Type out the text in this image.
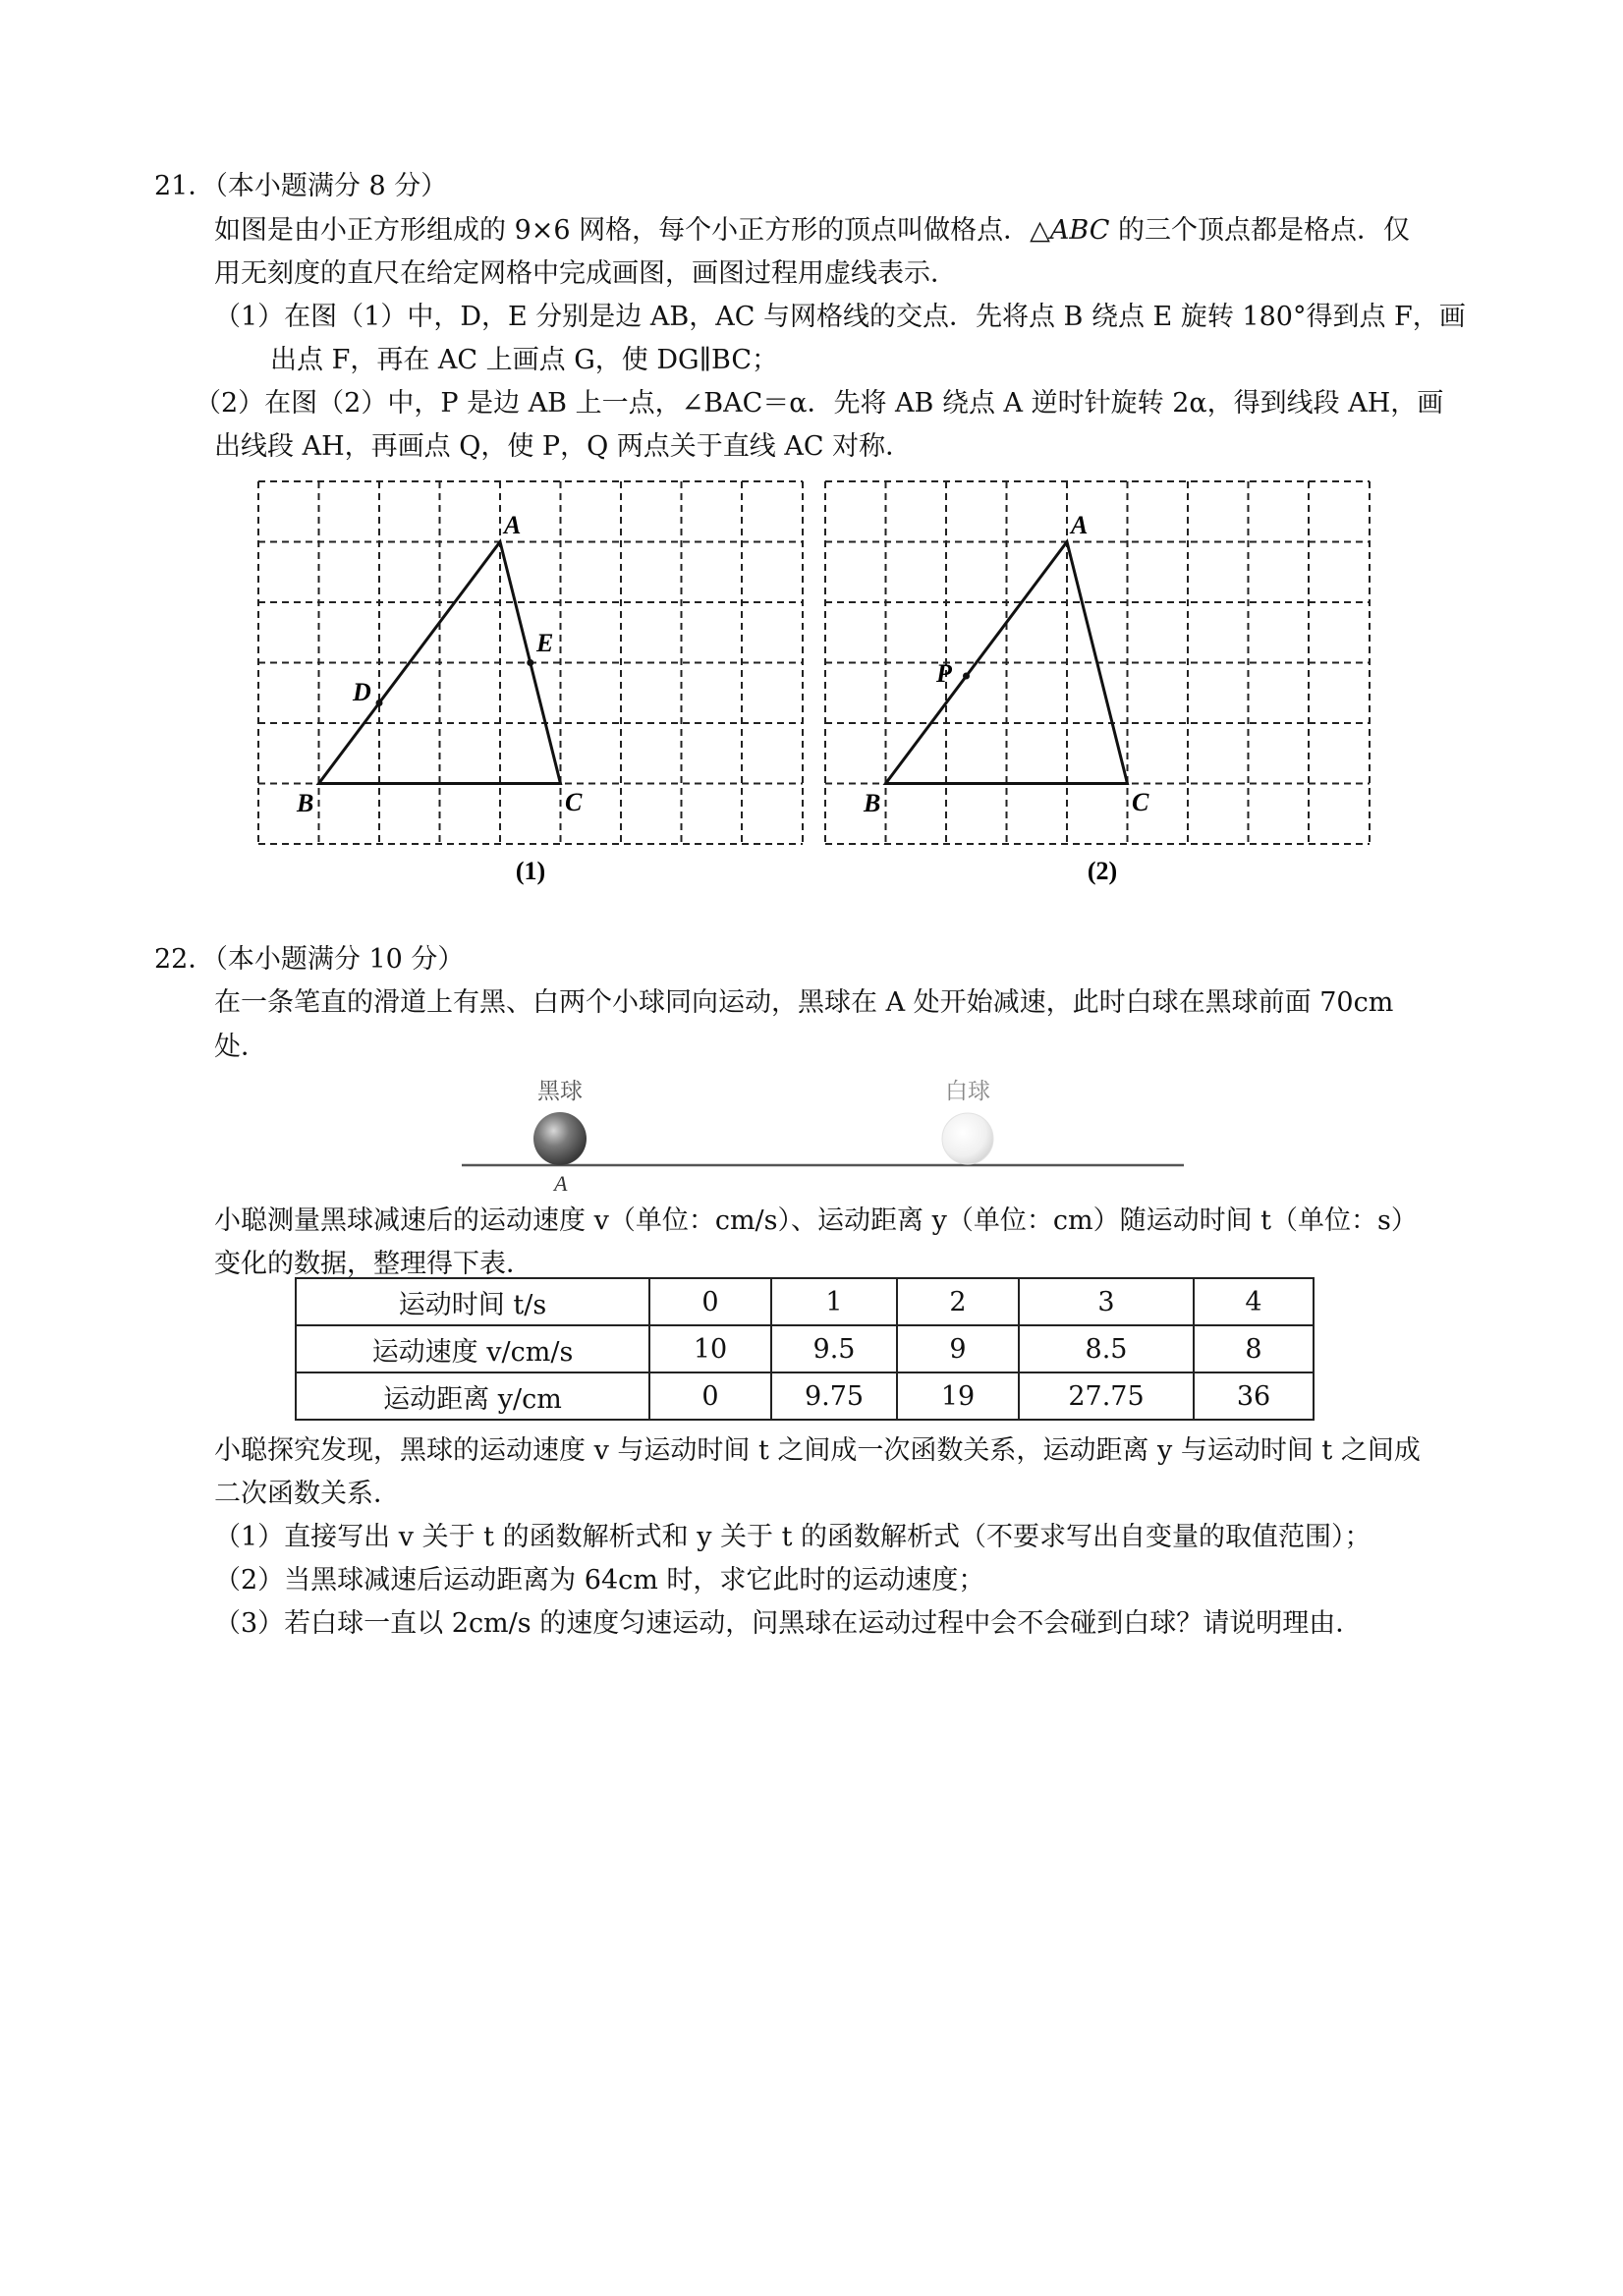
21．（本小题满分 8 分）
如图是由小正方形组成的 9×6 网格，每个小正方形的顶点叫做格点．△ABC 的三个顶点都是格点．仅
用无刻度的直尺在给定网格中完成画图，画图过程用虚线表示．
（1）在图（1）中，D，E 分别是边 AB，AC 与网格线的交点．先将点 B 绕点 E 旋转 180°得到点 F，画
出点 F，再在 AC 上画点 G，使 DG∥BC；
（2）在图（2）中，P 是边 AB 上一点，∠BAC＝α．先将 AB 绕点 A 逆时针旋转 2α，得到线段 AH，画
出线段 AH，再画点 Q，使 P，Q 两点关于直线 AC 对称．
A
B	C
D
E
(1)
A
B	C
P
(2)
22．（本小题满分 10 分）
在一条笔直的滑道上有黑、白两个小球同向运动，黑球在 A 处开始减速，此时白球在黑球前面 70cm
处．
黑球	白球
A
小聪测量黑球减速后的运动速度 v（单位：cm/s）、运动距离 y（单位：cm）随运动时间 t（单位：s）
变化的数据，整理得下表．
运动时间 t/s	0	1	2	3	4
运动速度 v/cm/s	10	9.5	9	8.5	8
运动距离 y/cm	0	9.75	19	27.75	36
小聪探究发现，黑球的运动速度 v 与运动时间 t 之间成一次函数关系，运动距离 y 与运动时间 t 之间成
二次函数关系．
（1）直接写出 v 关于 t 的函数解析式和 y 关于 t 的函数解析式（不要求写出自变量的取值范围）；
（2）当黑球减速后运动距离为 64cm 时，求它此时的运动速度；
（3）若白球一直以 2cm/s 的速度匀速运动，问黑球在运动过程中会不会碰到白球？请说明理由．
